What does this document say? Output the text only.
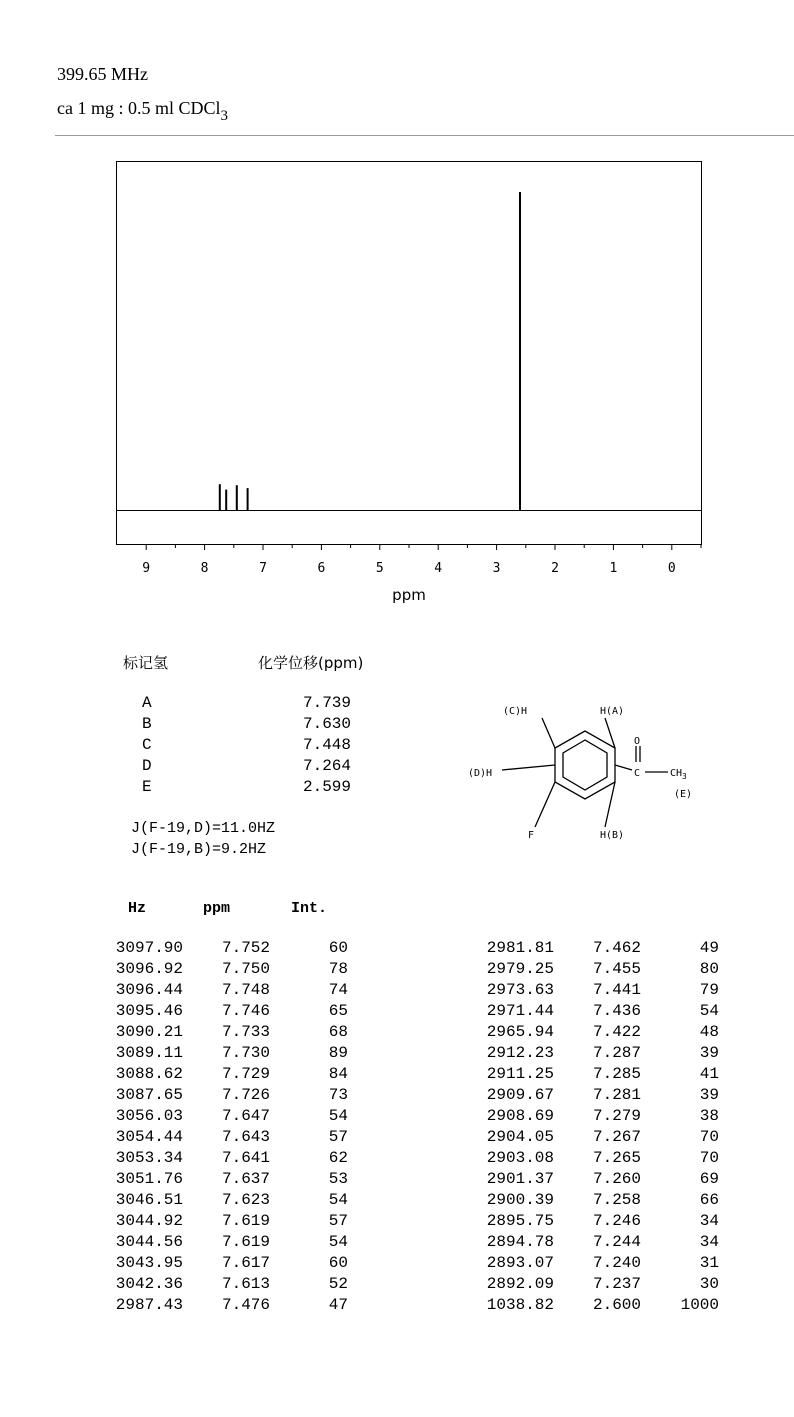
399.65 MHz
ca 1 mg : 0.5 ml CDCl$_3$
9	8	7	6	5	4	3	2	1	0
ppm
标记氢	化学位移(ppm)
A	7.739
B	7.630
C	7.448
D	7.264
E	2.599
J(F-19,D)=11.0HZ
J(F-19,B)=9.2HZ
(C)H	H(A)
(D)H
O
C	$CH_3$
(E)
F	H(B)
Hz	ppm	Int.
3097.90	7.752	60
3096.92	7.750	78
3096.44	7.748	74
3095.46	7.746	65
3090.21	7.733	68
3089.11	7.730	89
3088.62	7.729	84
3087.65	7.726	73
3056.03	7.647	54
3054.44	7.643	57
3053.34	7.641	62
3051.76	7.637	53
3046.51	7.623	54
3044.92	7.619	57
3044.56	7.619	54
3043.95	7.617	60
3042.36	7.613	52
2987.43	7.476	47
2981.81	7.462	49
2979.25	7.455	80
2973.63	7.441	79
2971.44	7.436	54
2965.94	7.422	48
2912.23	7.287	39
2911.25	7.285	41
2909.67	7.281	39
2908.69	7.279	38
2904.05	7.267	70
2903.08	7.265	70
2901.37	7.260	69
2900.39	7.258	66
2895.75	7.246	34
2894.78	7.244	34
2893.07	7.240	31
2892.09	7.237	30
1038.82	2.600	1000
